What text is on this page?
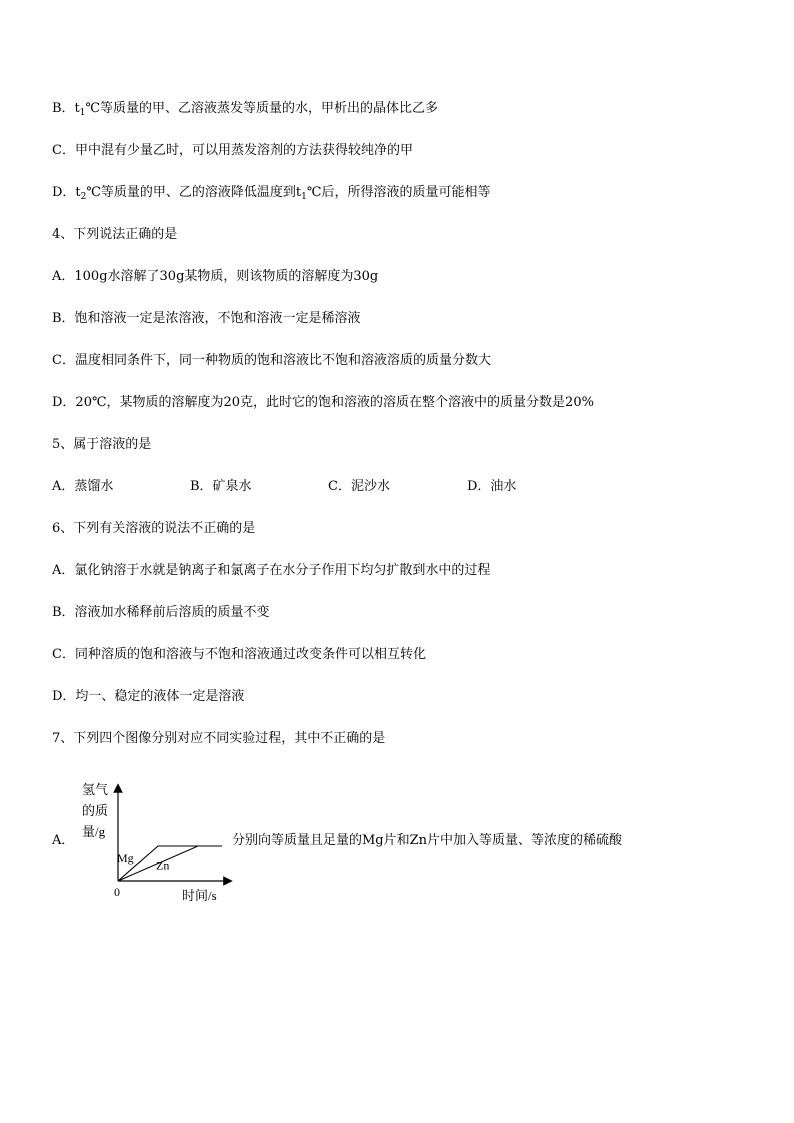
B．$t_1℃$等质量的甲、乙溶液蒸发等质量的水，甲析出的晶体比乙多
C．甲中混有少量乙时，可以用蒸发溶剂的方法获得较纯净的甲
D．$t_2℃$等质量的甲、乙的溶液降低温度到$t_1℃$后，所得溶液的质量可能相等
4、下列说法正确的是
A．100g水溶解了30g某物质，则该物质的溶解度为30g
B．饱和溶液一定是浓溶液，不饱和溶液一定是稀溶液
C．温度相同条件下，同一种物质的饱和溶液比不饱和溶液溶质的质量分数大
D．20℃，某物质的溶解度为20克，此时它的饱和溶液的溶质在整个溶液中的质量分数是20%
5、属于溶液的是
A．蒸馏水	B．矿泉水	C．泥沙水	D．油水
6、下列有关溶液的说法不正确的是
A．氯化钠溶于水就是钠离子和氯离子在水分子作用下均匀扩散到水中的过程
B．溶液加水稀释前后溶质的质量不变
C．同种溶质的饱和溶液与不饱和溶液通过改变条件可以相互转化
D．均一、稳定的液体一定是溶液
7、下列四个图像分别对应不同实验过程，其中不正确的是
A．	分别向等质量且足量的Mg片和Zn片中加入等质量、等浓度的稀硫酸
氢气
的质
量/g
0	时间/s
Mg
Zn
